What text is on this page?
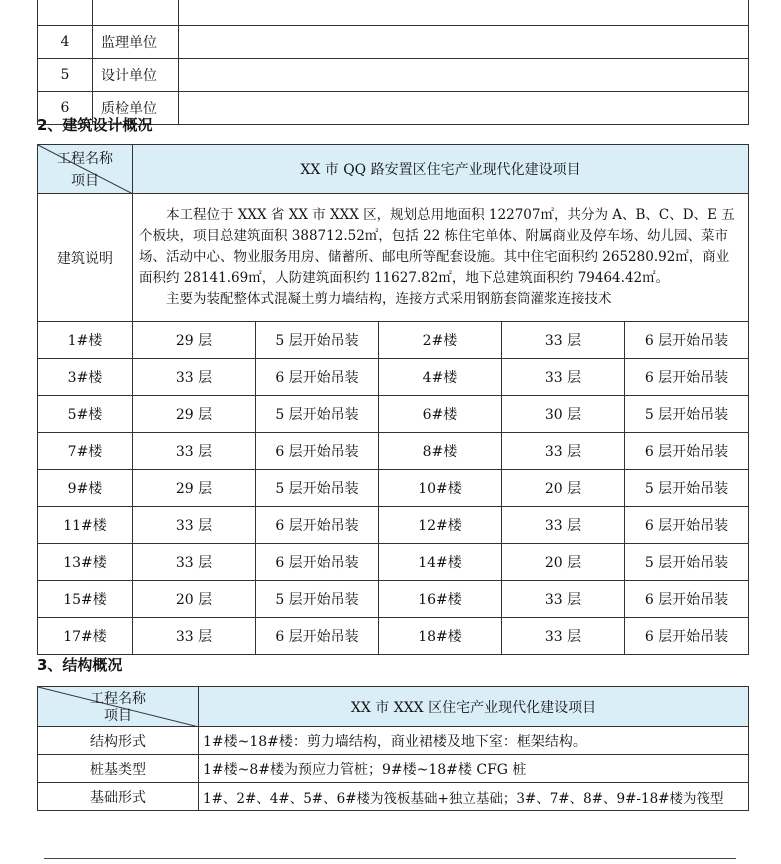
4	监理单位	
5	设计单位	
6	质检单位	
2、建筑设计概况
工程名称
项目	XX 市 QQ 路安置区住宅产业现代化建设项目				
建筑说明	本工程位于 XXX 省 XX 市 XXX 区，规划总用地面积 122707㎡，共分为 A、B、C、D、E 五个板块，项目总建筑面积 388712.52㎡，包括 22 栋住宅单体、附属商业及停车场、幼儿园、菜市场、活动中心、物业服务用房、储蓄所、邮电所等配套设施。其中住宅面积约 265280.92㎡，商业面积约 28141.69㎡，人防建筑面积约 11627.82㎡，地下总建筑面积约 79464.42㎡。

主要为装配整体式混凝土剪力墙结构，连接方式采用钢筋套筒灌浆连接技术				

1#楼	29 层	5 层开始吊装	2#楼	33 层	6 层开始吊装
3#楼	33 层	6 层开始吊装	4#楼	33 层	6 层开始吊装
5#楼	29 层	5 层开始吊装	6#楼	30 层	5 层开始吊装
7#楼	33 层	6 层开始吊装	8#楼	33 层	6 层开始吊装
9#楼	29 层	5 层开始吊装	10#楼	20 层	5 层开始吊装
11#楼	33 层	6 层开始吊装	12#楼	33 层	6 层开始吊装
13#楼	33 层	6 层开始吊装	14#楼	20 层	5 层开始吊装
15#楼	20 层	5 层开始吊装	16#楼	33 层	6 层开始吊装
17#楼	33 层	6 层开始吊装	18#楼	33 层	6 层开始吊装
3、结构概况
工程名称
项目	XX 市 XXX 区住宅产业现代化建设项目
结构形式	1#楼~18#楼：剪力墙结构，商业裙楼及地下室：框架结构。
桩基类型	1#楼~8#楼为预应力管桩；9#楼~18#楼 CFG 桩
基础形式	1#、2#、4#、5#、6#楼为筏板基础+独立基础；3#、7#、8#、9#-18#楼为筏型
